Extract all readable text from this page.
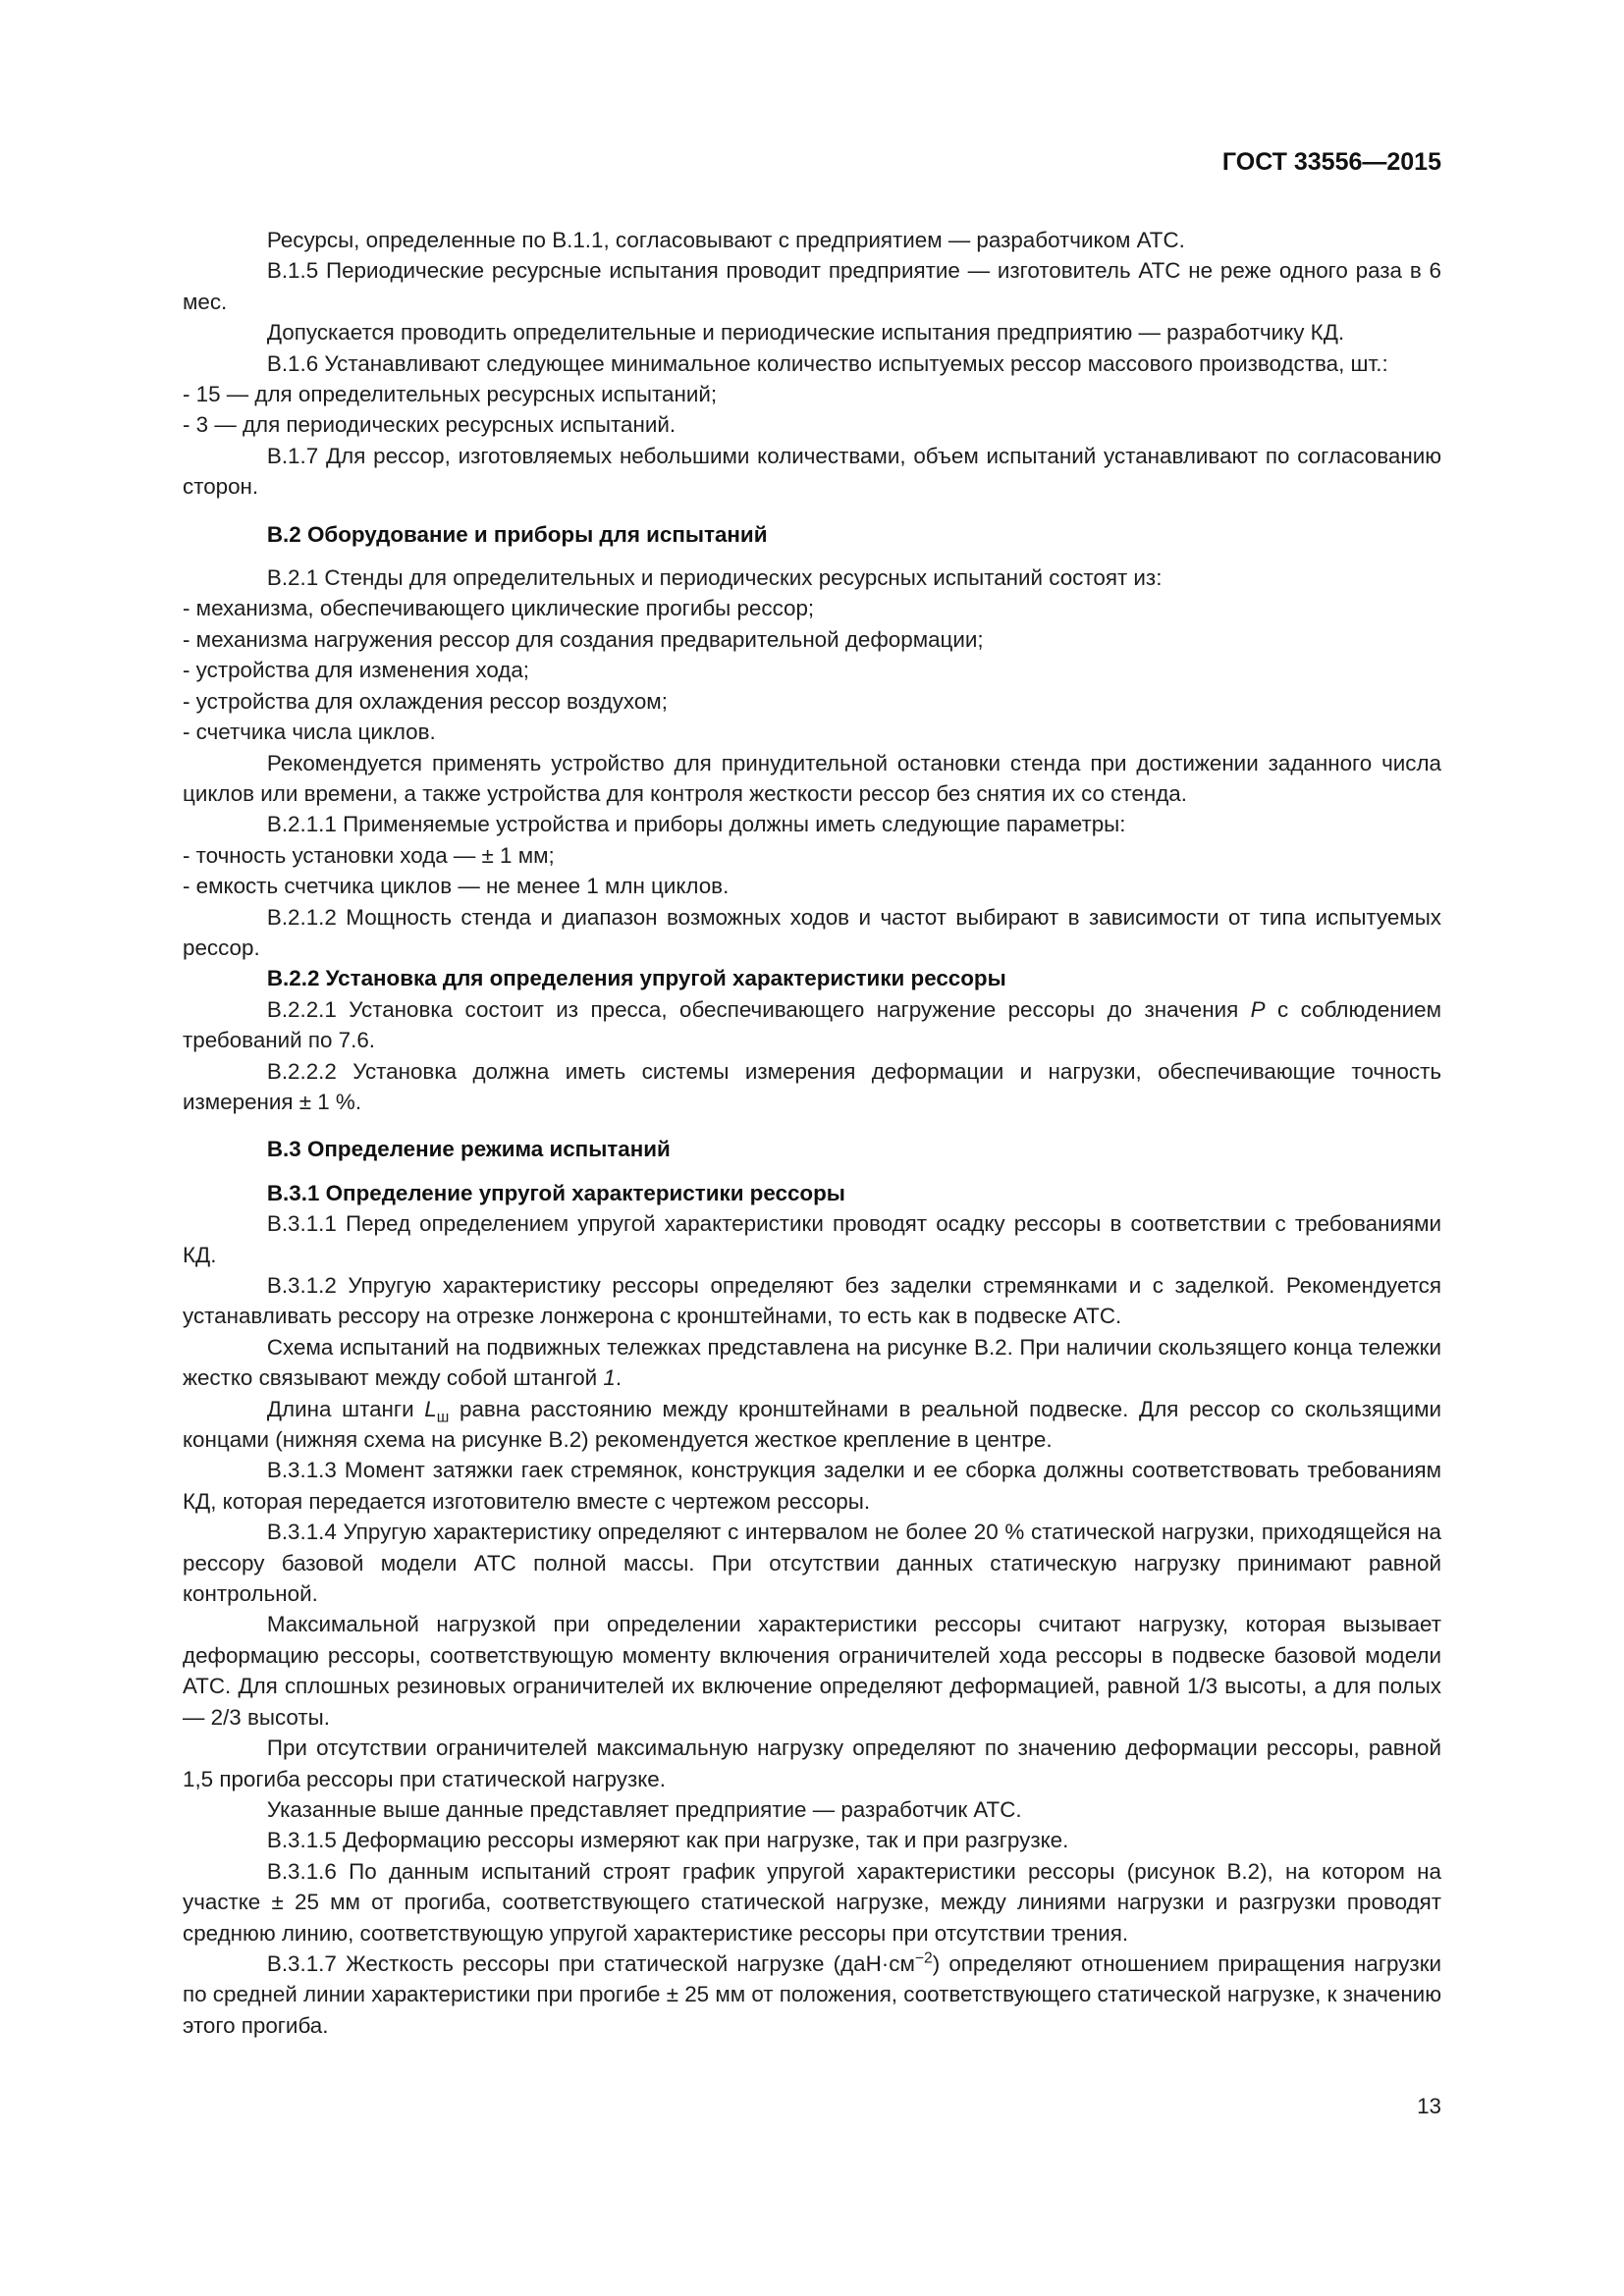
ГОСТ 33556—2015

Ресурсы, определенные по В.1.1, согласовывают с предприятием — разработчиком АТС.

В.1.5 Периодические ресурсные испытания проводит предприятие — изготовитель АТС не реже одного раза в 6 мес.

Допускается проводить определительные и периодические испытания предприятию — разработчику КД.

В.1.6 Устанавливают следующее минимальное количество испытуемых рессор массового производства, шт.:

- 15 — для определительных ресурсных испытаний;

- 3 — для периодических ресурсных испытаний.

В.1.7 Для рессор, изготовляемых небольшими количествами, объем испытаний устанавливают по согласованию сторон.

В.2 Оборудование и приборы для испытаний

В.2.1 Стенды для определительных и периодических ресурсных испытаний состоят из:

- механизма, обеспечивающего циклические прогибы рессор;

- механизма нагружения рессор для создания предварительной деформации;

- устройства для изменения хода;

- устройства для охлаждения рессор воздухом;

- счетчика числа циклов.

Рекомендуется применять устройство для принудительной остановки стенда при достижении заданного числа циклов или времени, а также устройства для контроля жесткости рессор без снятия их со стенда.

В.2.1.1 Применяемые устройства и приборы должны иметь следующие параметры:

- точность установки хода — ± 1 мм;

- емкость счетчика циклов — не менее 1 млн циклов.

В.2.1.2 Мощность стенда и диапазон возможных ходов и частот выбирают в зависимости от типа испытуемых рессор.

В.2.2 Установка для определения упругой характеристики рессоры

В.2.2.1 Установка состоит из пресса, обеспечивающего нагружение рессоры до значения P с соблюдением требований по 7.6.

В.2.2.2 Установка должна иметь системы измерения деформации и нагрузки, обеспечивающие точность измерения ± 1 %.

В.3 Определение режима испытаний

В.3.1 Определение упругой характеристики рессоры

В.3.1.1 Перед определением упругой характеристики проводят осадку рессоры в соответствии с требованиями КД.

В.3.1.2 Упругую характеристику рессоры определяют без заделки стремянками и с заделкой. Рекомендуется устанавливать рессору на отрезке лонжерона с кронштейнами, то есть как в подвеске АТС.

Схема испытаний на подвижных тележках представлена на рисунке В.2. При наличии скользящего конца тележки жестко связывают между собой штангой 1.

Длина штанги $L_ш$ равна расстоянию между кронштейнами в реальной подвеске. Для рессор со скользящими концами (нижняя схема на рисунке В.2) рекомендуется жесткое крепление в центре.

В.3.1.3 Момент затяжки гаек стремянок, конструкция заделки и ее сборка должны соответствовать требованиям КД, которая передается изготовителю вместе с чертежом рессоры.

В.3.1.4 Упругую характеристику определяют с интервалом не более 20 % статической нагрузки, приходящейся на рессору базовой модели АТС полной массы. При отсутствии данных статическую нагрузку принимают равной контрольной.

Максимальной нагрузкой при определении характеристики рессоры считают нагрузку, которая вызывает деформацию рессоры, соответствующую моменту включения ограничителей хода рессоры в подвеске базовой модели АТС. Для сплошных резиновых ограничителей их включение определяют деформацией, равной 1/3 высоты, а для полых — 2/3 высоты.

При отсутствии ограничителей максимальную нагрузку определяют по значению деформации рессоры, равной 1,5 прогиба рессоры при статической нагрузке.

Указанные выше данные представляет предприятие — разработчик АТС.

В.3.1.5 Деформацию рессоры измеряют как при нагрузке, так и при разгрузке.

В.3.1.6 По данным испытаний строят график упругой характеристики рессоры (рисунок В.2), на котором на участке ± 25 мм от прогиба, соответствующего статической нагрузке, между линиями нагрузки и разгрузки проводят среднюю линию, соответствующую упругой характеристике рессоры при отсутствии трения.

В.3.1.7 Жесткость рессоры при статической нагрузке $(даН\cdot см^{-2})$ определяют отношением приращения нагрузки по средней линии характеристики при прогибе ± 25 мм от положения, соответствующего статической нагрузке, к значению этого прогиба.

13
